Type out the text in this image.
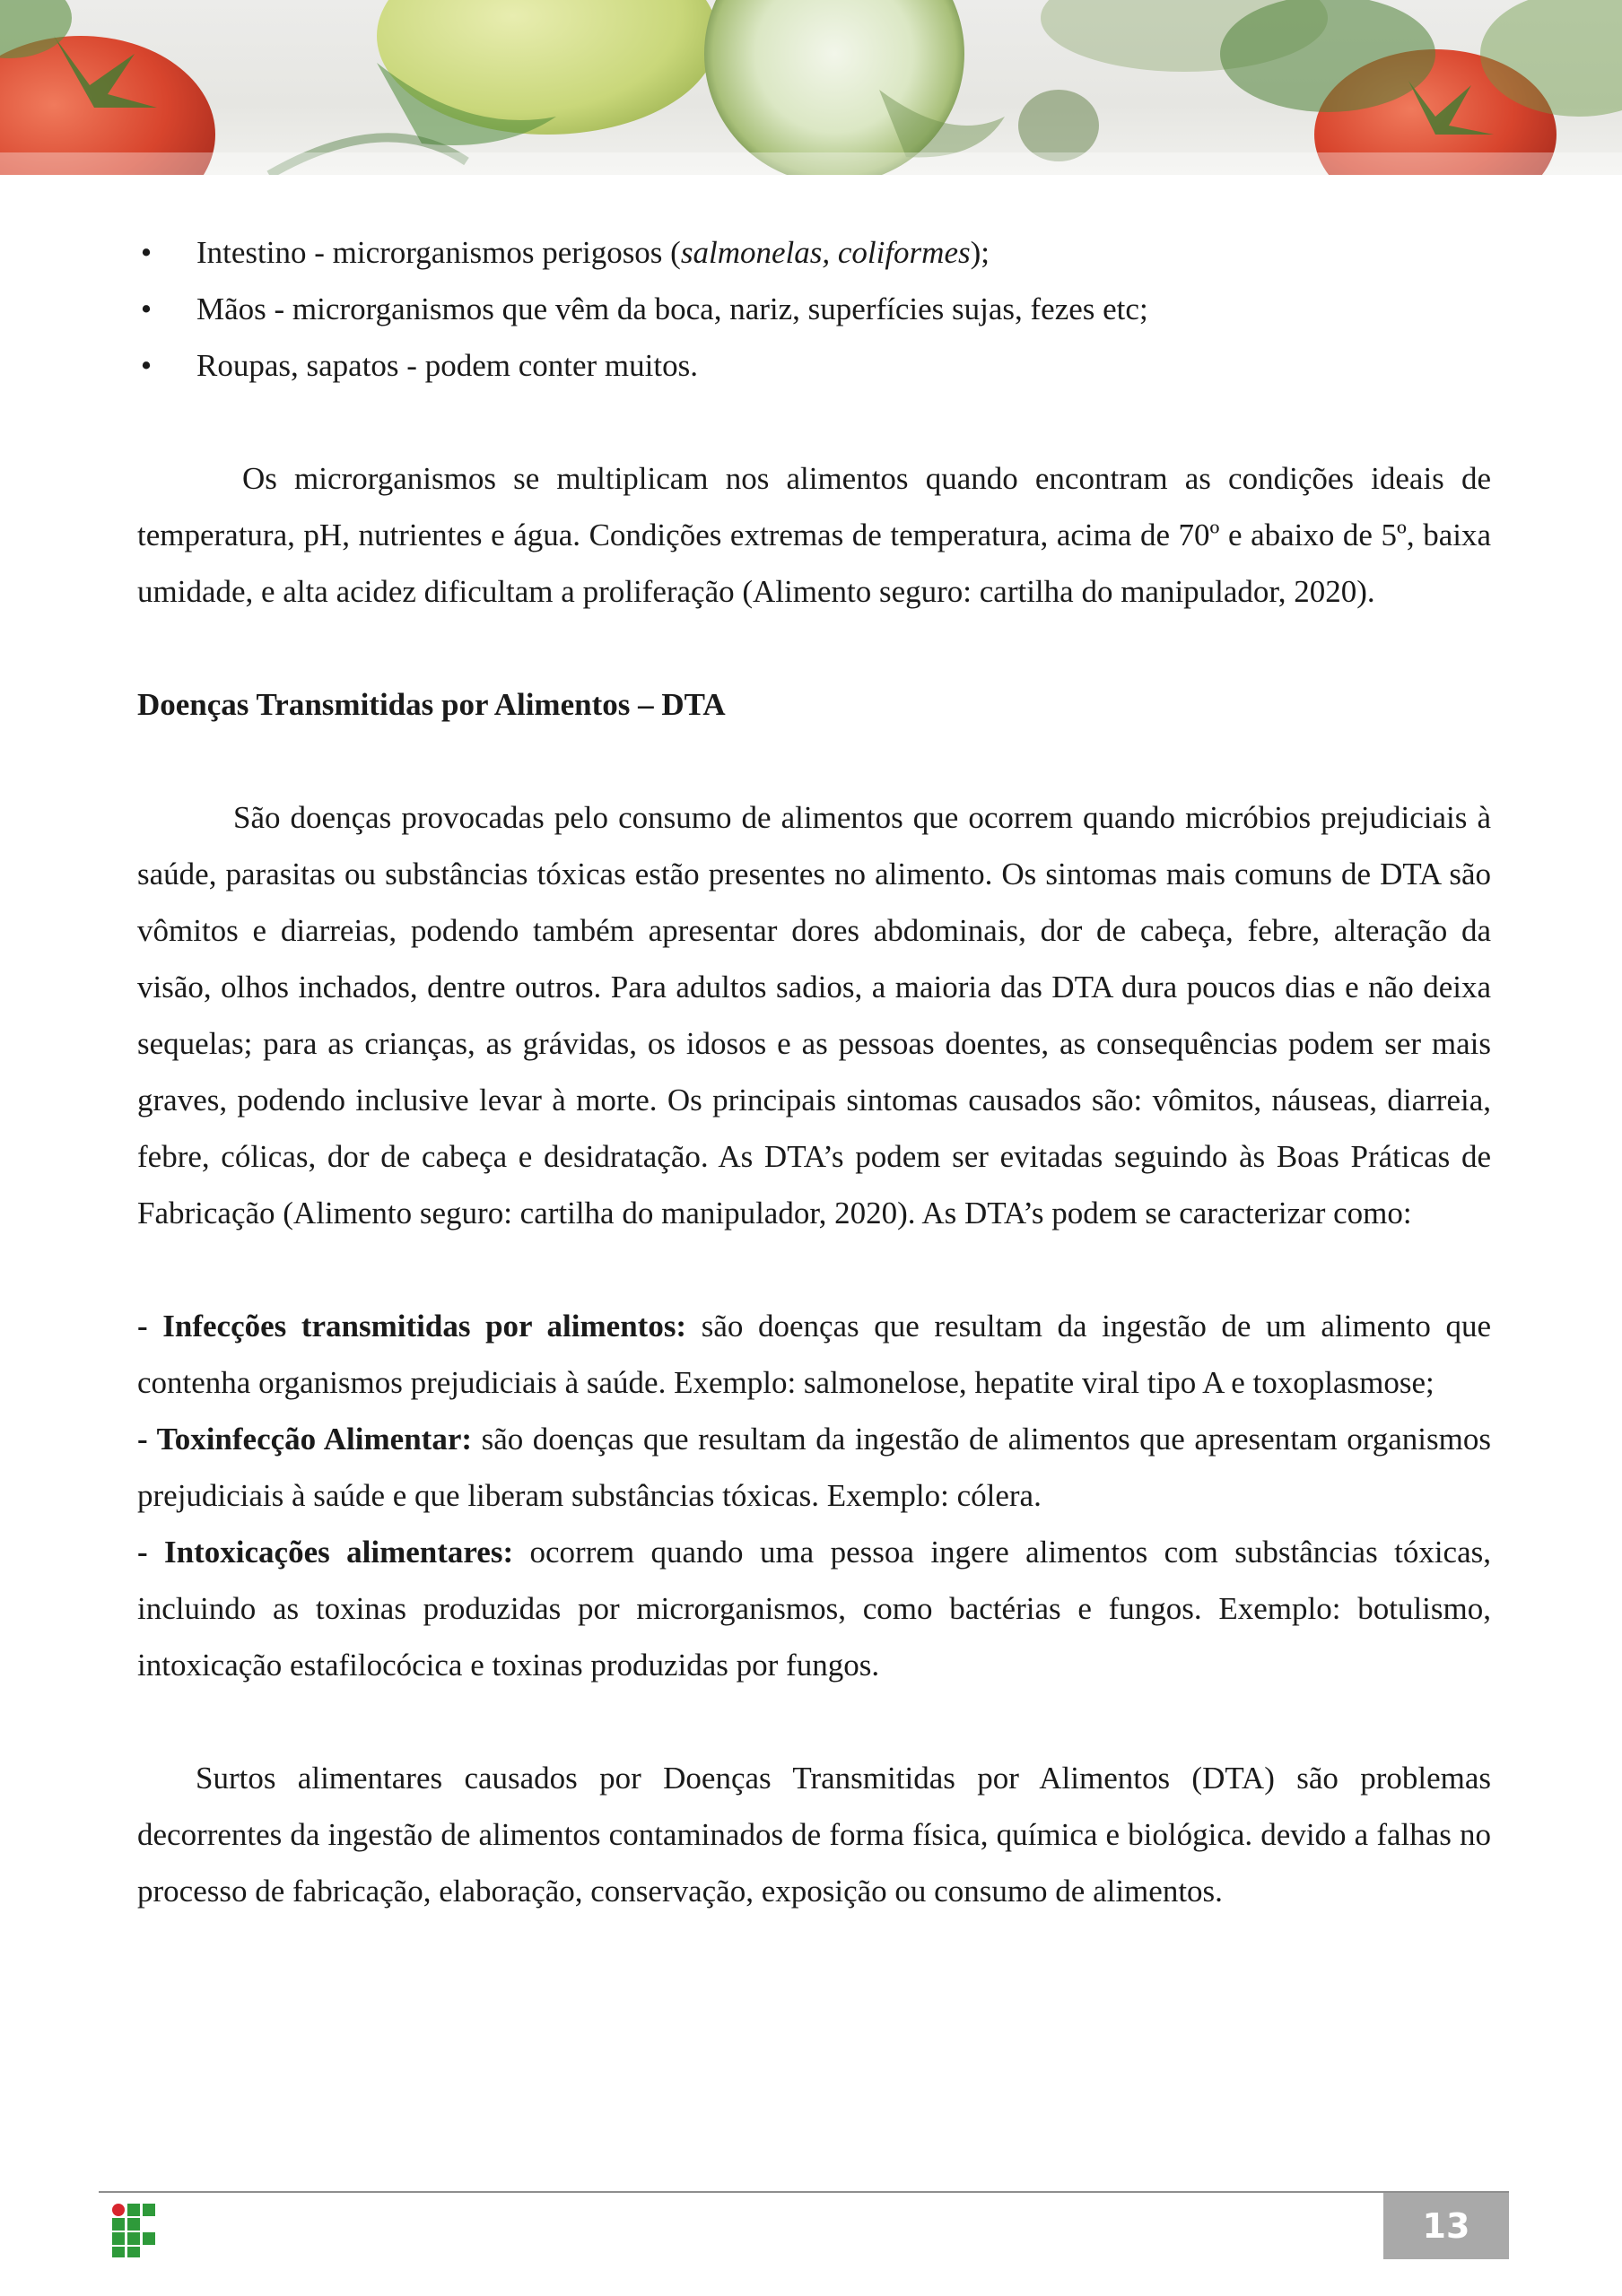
• Intestino - microrganismos perigosos (salmonelas, coliformes);
• Mãos - microrganismos que vêm da boca, nariz, superfícies sujas, fezes etc;
• Roupas, sapatos - podem conter muitos.

Os microrganismos se multiplicam nos alimentos quando encontram as condições ideais de temperatura, pH, nutrientes e água. Condições extremas de temperatura, acima de 70º e abaixo de 5º, baixa umidade, e alta acidez dificultam a proliferação (Alimento seguro: cartilha do manipulador, 2020).

Doenças Transmitidas por Alimentos – DTA

São doenças provocadas pelo consumo de alimentos que ocorrem quando micróbios prejudiciais à saúde, parasitas ou substâncias tóxicas estão presentes no alimento. Os sintomas mais comuns de DTA são vômitos e diarreias, podendo também apresentar dores abdominais, dor de cabeça, febre, alteração da visão, olhos inchados, dentre outros. Para adultos sadios, a maioria das DTA dura poucos dias e não deixa sequelas; para as crianças, as grávidas, os idosos e as pessoas doentes, as consequências podem ser mais graves, podendo inclusive levar à morte. Os principais sintomas causados são: vômitos, náuseas, diarreia, febre, cólicas, dor de cabeça e desidratação. As DTA’s podem ser evitadas seguindo às Boas Práticas de Fabricação (Alimento seguro: cartilha do manipulador, 2020). As DTA’s podem se caracterizar como:

- Infecções transmitidas por alimentos: são doenças que resultam da ingestão de um alimento que contenha organismos prejudiciais à saúde. Exemplo: salmonelose, hepatite viral tipo A e toxoplasmose;

- Toxinfecção Alimentar: são doenças que resultam da ingestão de alimentos que apresentam organismos prejudiciais à saúde e que liberam substâncias tóxicas. Exemplo: cólera.

- Intoxicações alimentares: ocorrem quando uma pessoa ingere alimentos com substâncias tóxicas, incluindo as toxinas produzidas por microrganismos, como bactérias e fungos. Exemplo: botulismo, intoxicação estafilocócica e toxinas produzidas por fungos.

Surtos alimentares causados por Doenças Transmitidas por Alimentos (DTA) são problemas decorrentes da ingestão de alimentos contaminados de forma física, química e biológica. devido a falhas no processo de fabricação, elaboração, conservação, exposição ou consumo de alimentos.

13
